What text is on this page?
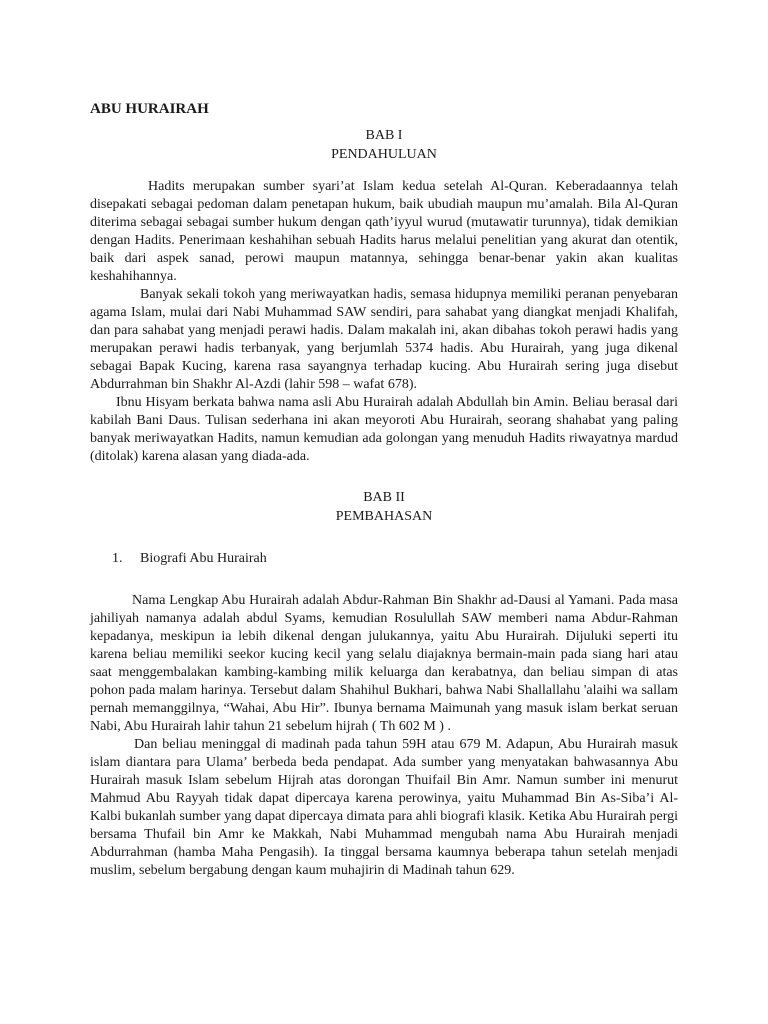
ABU HURAIRAH
BAB I
PENDAHULUAN

Hadits merupakan sumber syari’at Islam kedua setelah Al-Quran. Keberadaannya telah disepakati sebagai pedoman dalam penetapan hukum, baik ubudiah maupun mu’amalah. Bila Al-Quran diterima sebagai sebagai sumber hukum dengan qath’iyyul wurud (mutawatir turunnya), tidak demikian dengan Hadits. Penerimaan keshahihan sebuah Hadits harus melalui penelitian yang akurat dan otentik, baik dari aspek sanad, perowi maupun matannya, sehingga benar-benar yakin akan kualitas keshahihannya.

Banyak sekali tokoh yang meriwayatkan hadis, semasa hidupnya memiliki peranan penyebaran agama Islam, mulai dari Nabi Muhammad SAW sendiri, para sahabat yang diangkat menjadi Khalifah, dan para sahabat yang menjadi perawi hadis. Dalam makalah ini, akan dibahas tokoh perawi hadis yang merupakan perawi hadis terbanyak, yang berjumlah 5374 hadis. Abu Hurairah, yang juga dikenal sebagai Bapak Kucing, karena rasa sayangnya terhadap kucing. Abu Hurairah sering juga disebut Abdurrahman bin Shakhr Al-Azdi (lahir 598 – wafat 678).

Ibnu Hisyam berkata bahwa nama asli Abu Hurairah adalah Abdullah bin Amin. Beliau berasal dari kabilah Bani Daus. Tulisan sederhana ini akan meyoroti Abu Hurairah, seorang shahabat yang paling banyak meriwayatkan Hadits, namun kemudian ada golongan yang menuduh Hadits riwayatnya mardud (ditolak) karena alasan yang diada-ada.

BAB II
PEMBAHASAN
1.	Biografi Abu Hurairah

Nama Lengkap Abu Hurairah adalah Abdur-Rahman Bin Shakhr ad-Dausi al Yamani. Pada masa jahiliyah namanya adalah abdul Syams, kemudian Rosulullah SAW memberi nama Abdur-Rahman kepadanya, meskipun ia lebih dikenal dengan julukannya, yaitu Abu Hurairah. Dijuluki seperti itu karena beliau memiliki seekor kucing kecil yang selalu diajaknya bermain-main pada siang hari atau saat menggembalakan kambing-kambing milik keluarga dan kerabatnya, dan beliau simpan di atas pohon pada malam harinya. Tersebut dalam Shahihul Bukhari, bahwa Nabi Shallallahu 'alaihi wa sallam pernah memanggilnya, “Wahai, Abu Hir”. Ibunya bernama Maimunah yang masuk islam berkat seruan Nabi, Abu Hurairah lahir tahun 21 sebelum hijrah ( Th 602 M ) .

Dan beliau meninggal di madinah pada tahun 59H atau 679 M. Adapun, Abu Hurairah masuk islam diantara para Ulama’ berbeda beda pendapat. Ada sumber yang menyatakan bahwasannya Abu Hurairah masuk Islam sebelum Hijrah atas dorongan Thuifail Bin Amr. Namun sumber ini menurut Mahmud Abu Rayyah tidak dapat dipercaya karena perowinya, yaitu Muhammad Bin As-Siba’i Al-Kalbi bukanlah sumber yang dapat dipercaya dimata para ahli biografi klasik. Ketika Abu Hurairah pergi bersama Thufail bin Amr ke Makkah, Nabi Muhammad mengubah nama Abu Hurairah menjadi Abdurrahman (hamba Maha Pengasih). Ia tinggal bersama kaumnya beberapa tahun setelah menjadi muslim, sebelum bergabung dengan kaum muhajirin di Madinah tahun 629.
